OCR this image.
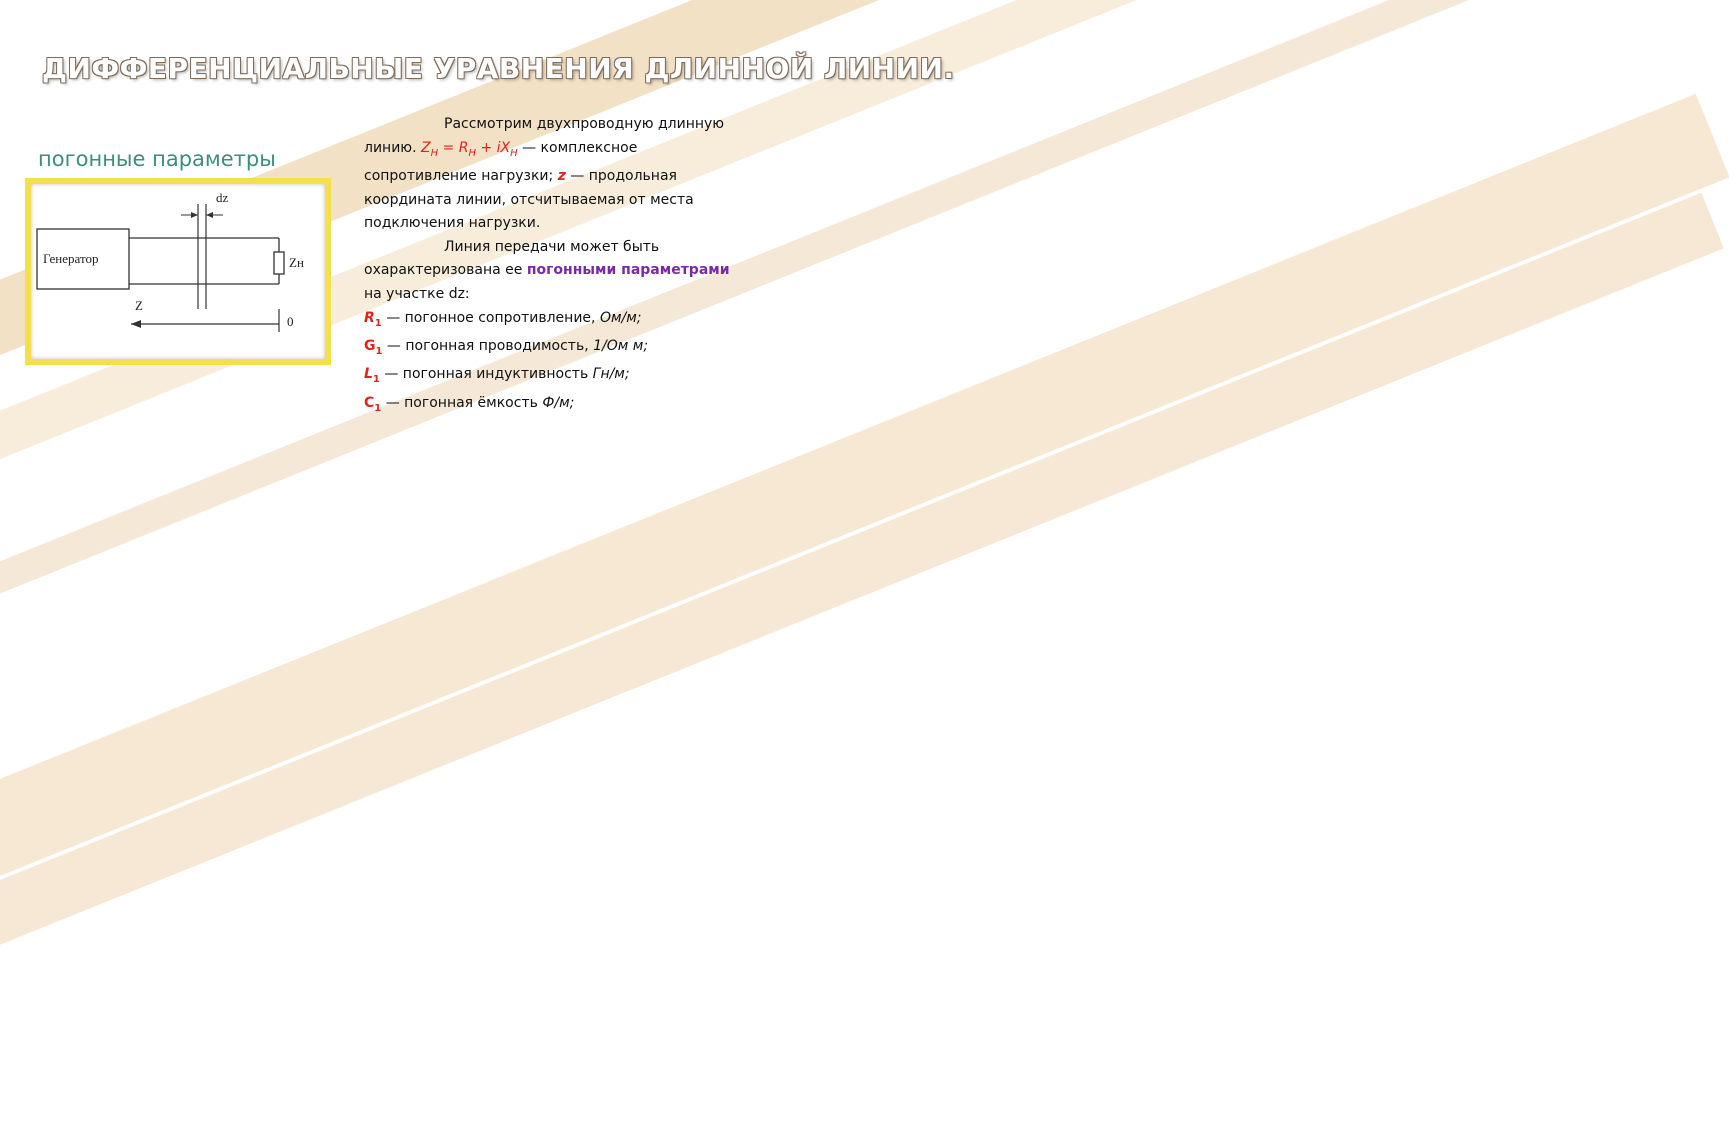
ДИФФЕРЕНЦИАЛЬНЫЕ УРАВНЕНИЯ ДЛИННОЙ ЛИНИИ.
погонные параметры
Генератор	Zн
dz
Z
0

Рассмотрим двухпроводную длинную линию. $Z_H = R_H + iX_H$ — комплексное сопротивление нагрузки; z — продольная координата линии, отсчитываемая от места подключения нагрузки.

Линия передачи может быть охарактеризована ее погонными параметрами на участке dz:

$R_1$ — погонное сопротивление, Ом/м;

$G_1$ — погонная проводимость, 1/Ом м;

$L_1$ — погонная индуктивность Гн/м;

$C_1$ — погонная ёмкость Ф/м;
